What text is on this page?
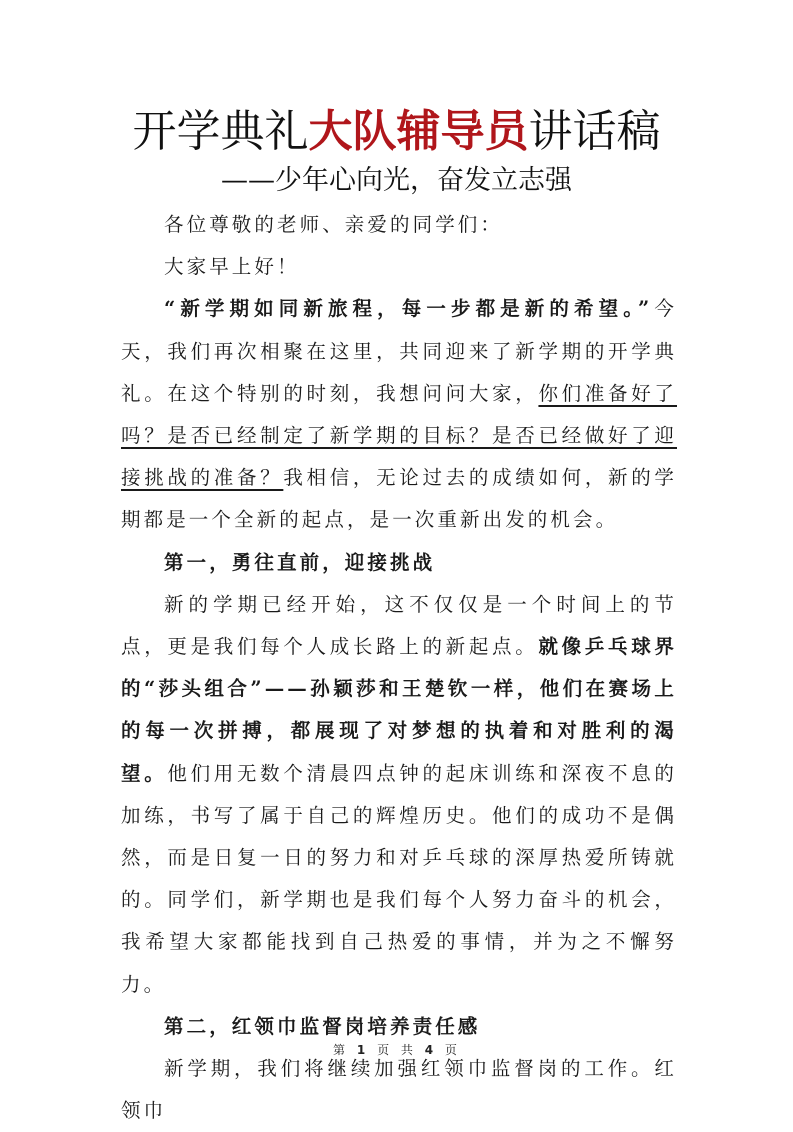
开学典礼大队辅导员讲话稿
——少年心向光，奋发立志强

各位尊敬的老师、亲爱的同学们：

大家早上好！

“新学期如同新旅程，每一步都是新的希望。”今天，我们再次相聚在这里，共同迎来了新学期的开学典礼。在这个特别的时刻，我想问问大家，你们准备好了吗？是否已经制定了新学期的目标？是否已经做好了迎接挑战的准备？我相信，无论过去的成绩如何，新的学期都是一个全新的起点，是一次重新出发的机会。

第一，勇往直前，迎接挑战

新的学期已经开始，这不仅仅是一个时间上的节点，更是我们每个人成长路上的新起点。就像乒乓球界的“莎头组合”——孙颖莎和王楚钦一样，他们在赛场上的每一次拼搏，都展现了对梦想的执着和对胜利的渴望。他们用无数个清晨四点钟的起床训练和深夜不息的加练，书写了属于自己的辉煌历史。他们的成功不是偶然，而是日复一日的努力和对乒乓球的深厚热爱所铸就的。同学们，新学期也是我们每个人努力奋斗的机会，我希望大家都能找到自己热爱的事情，并为之不懈努力。

第二，红领巾监督岗培养责任感

新学期，我们将继续加强红领巾监督岗的工作。红领巾

第 1 页 共 4 页
